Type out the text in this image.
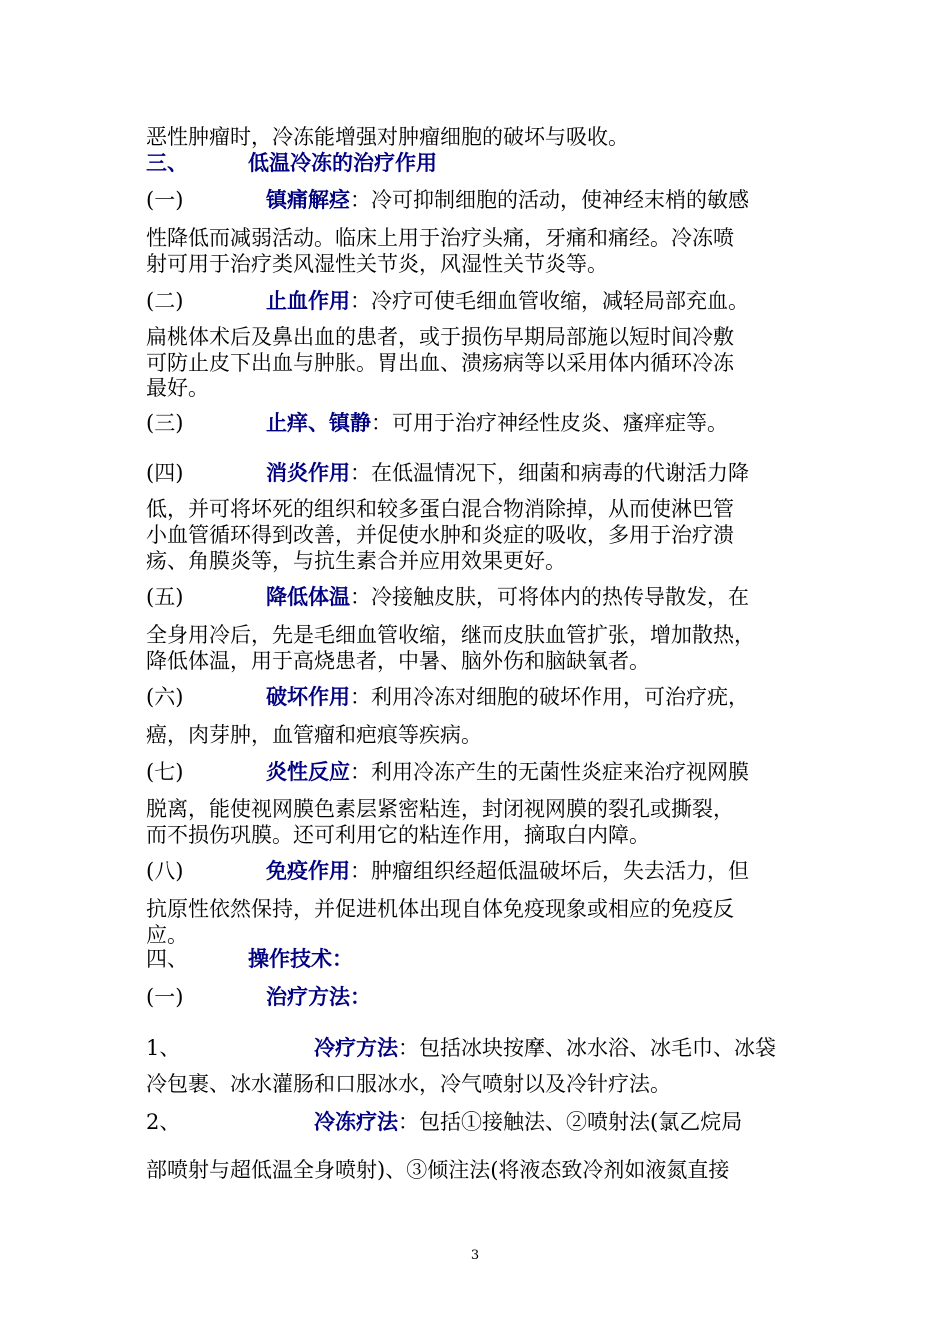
恶性肿瘤时，冷冻能增强对肿瘤细胞的破坏与吸收。
三、	低温冷冻的治疗作用
(一)	镇痛解痉：冷可抑制细胞的活动，使神经末梢的敏感
性降低而减弱活动。临床上用于治疗头痛，牙痛和痛经。冷冻喷
射可用于治疗类风湿性关节炎，风湿性关节炎等。
(二)	止血作用：冷疗可使毛细血管收缩，减轻局部充血。
扁桃体术后及鼻出血的患者，或于损伤早期局部施以短时间冷敷
可防止皮下出血与肿胀。胃出血、溃疡病等以采用体内循环冷冻
最好。
(三)	止痒、镇静：可用于治疗神经性皮炎、瘙痒症等。
(四)	消炎作用：在低温情况下，细菌和病毒的代谢活力降
低，并可将坏死的组织和较多蛋白混合物消除掉，从而使淋巴管
小血管循环得到改善，并促使水肿和炎症的吸收，多用于治疗溃
疡、角膜炎等，与抗生素合并应用效果更好。
(五)	降低体温：冷接触皮肤，可将体内的热传导散发，在
全身用冷后，先是毛细血管收缩，继而皮肤血管扩张，增加散热，
降低体温，用于高烧患者，中暑、脑外伤和脑缺氧者。
(六)	破坏作用：利用冷冻对细胞的破坏作用，可治疗疣，
癌，肉芽肿，血管瘤和疤痕等疾病。
(七)	炎性反应：利用冷冻产生的无菌性炎症来治疗视网膜
脱离，能使视网膜色素层紧密粘连，封闭视网膜的裂孔或撕裂，
而不损伤巩膜。还可利用它的粘连作用，摘取白内障。
(八)	免疫作用：肿瘤组织经超低温破坏后，失去活力，但
抗原性依然保持，并促进机体出现自体免疫现象或相应的免疫反
应。
四、	操作技术：
(一)	治疗方法：
1、	冷疗方法：包括冰块按摩、冰水浴、冰毛巾、冰袋
冷包裹、冰水灌肠和口服冰水，冷气喷射以及冷针疗法。
2、	冷冻疗法：包括①接触法、②喷射法(氯乙烷局
部喷射与超低温全身喷射)、③倾注法(将液态致冷剂如液氮直接
3
